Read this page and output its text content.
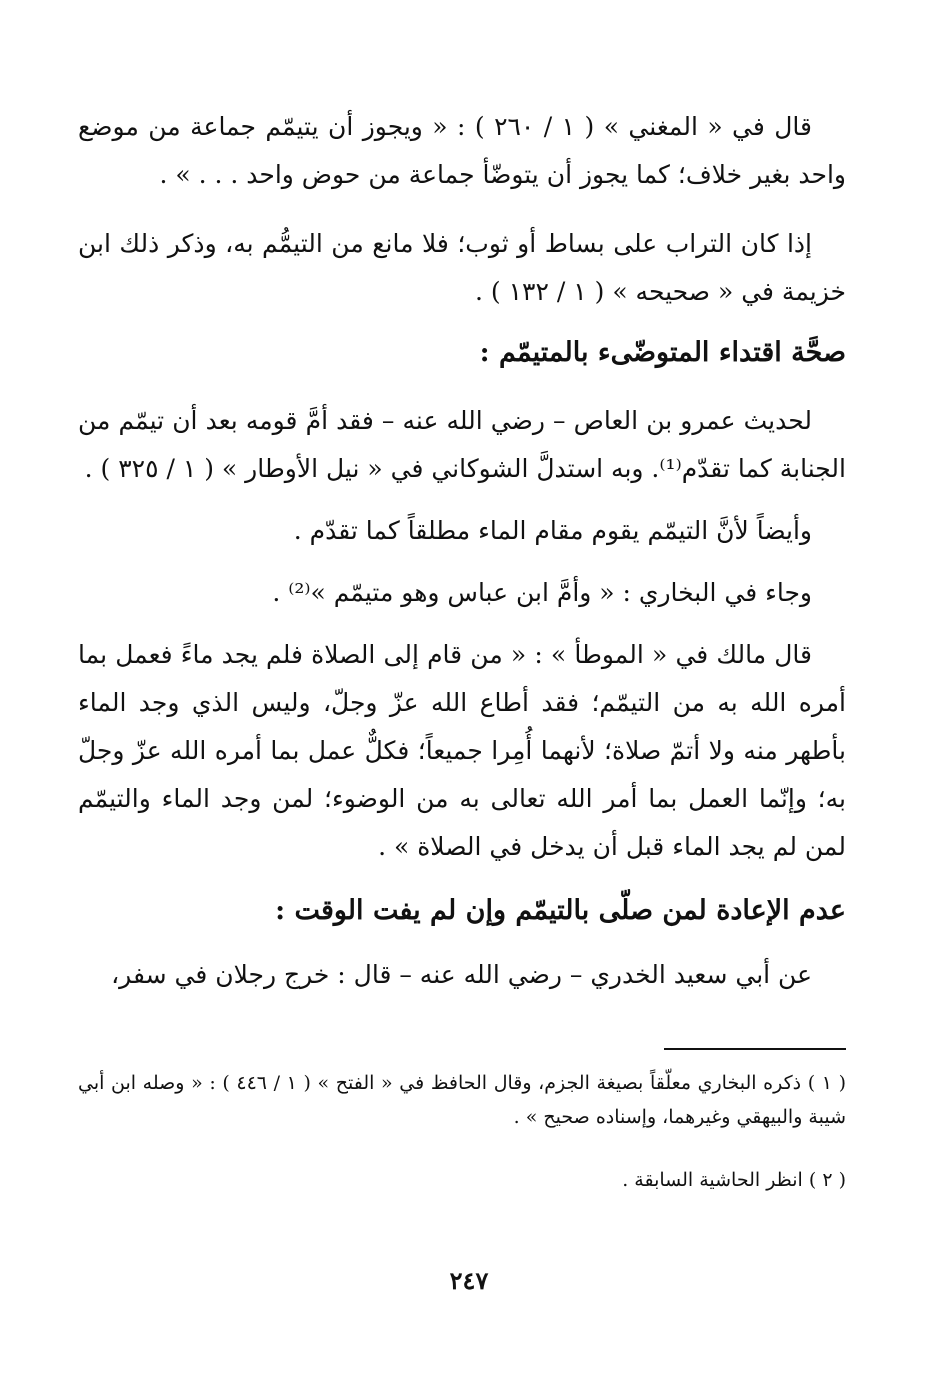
قال في « المغني » ( ١ / ٢٦٠ ) : « ويجوز أن يتيمّم جماعة من موضع واحد بغير خلاف؛ كما يجوز أن يتوضّأ جماعة من حوض واحد . . . » .

إذا كان التراب على بساط أو ثوب؛ فلا مانع من التيمُّم به، وذكر ذلك ابن خزيمة في « صحيحه » ( ١ / ١٣٢ ) .

صحَّة اقتداء المتوضّىء بالمتيمّم :

لحديث عمرو بن العاص – رضي الله عنه – فقد أمَّ قومه بعد أن تيمّم من الجنابة كما تقدّم⁽¹⁾. وبه استدلَّ الشوكاني في « نيل الأوطار » ( ١ / ٣٢٥ ) .

وأيضاً لأنَّ التيمّم يقوم مقام الماء مطلقاً كما تقدّم .

وجاء في البخاري : « وأمَّ ابن عباس وهو متيمّم »⁽²⁾ .

قال مالك في « الموطأ » : « من قام إلى الصلاة فلم يجد ماءً فعمل بما أمره الله به من التيمّم؛ فقد أطاع الله عزّ وجلّ، وليس الذي وجد الماء بأطهر منه ولا أتمّ صلاة؛ لأنهما أُمِرا جميعاً؛ فكلٌّ عمل بما أمره الله عزّ وجلّ به؛ وإنّما العمل بما أمر الله تعالى به من الوضوء؛ لمن وجد الماء والتيمّم لمن لم يجد الماء قبل أن يدخل في الصلاة » .

عدم الإعادة لمن صلّى بالتيمّم وإن لم يفت الوقت :

عن أبي سعيد الخدري – رضي الله عنه – قال : خرج رجلان في سفر،

( ١ ) ذكره البخاري معلّقاً بصيغة الجزم، وقال الحافظ في « الفتح » ( ١ / ٤٤٦ ) : « وصله ابن أبي شيبة والبيهقي وغيرهما، وإسناده صحيح » .

( ٢ ) انظر الحاشية السابقة .

٢٤٧
